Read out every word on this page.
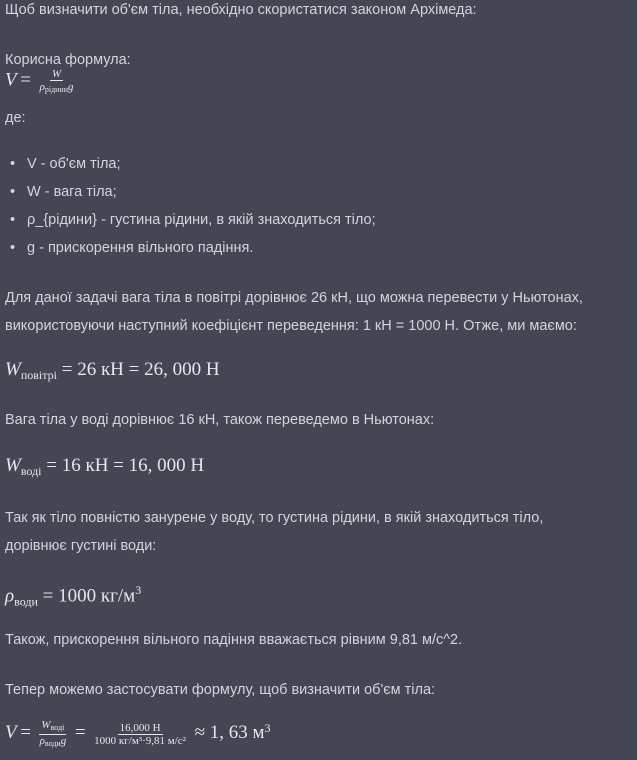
Щоб визначити об'єм тіла, необхідно скористатися законом Архімеда:

Корисна формула:

$V = \frac{W}{\text{ρрідиниg}}$

де:

• V - об'єм тіла;
• W - вага тіла;
• ρ_{рідини} - густина рідини, в якій знаходиться тіло;
• g - прискорення вільного падіння.

Для даної задачі вага тіла в повітрі дорівнює 26 кН, що можна перевести у Ньютонах,

використовуючи наступний коефіцієнт переведення: 1 кН = 1000 Н. Отже, ми маємо:

$W_{повітрі} = 26$ кН = 26, 000 Н

Вага тіла у воді дорівнює 16 кН, також переведемо в Ньютонах:

$W_{воді} = 16$ кН = 16, 000 Н

Так як тіло повністю занурене у воду, то густина рідини, в якій знаходиться тіло,

дорівнює густині води:

$\rho_{води} = 1000$ $кг/м^3$

Також, прискорення вільного падіння вважається рівним 9,81 м/с^2.

Тепер можемо застосувати формулу, щоб визначити об'єм тіла:

$V = \frac{\text{Wводі}}{\text{ρводиg}} = \frac{16,000 Н}{\text{1000 кг/м³·9,81 м/с²}} \approx 1$, 63 $м^3$
